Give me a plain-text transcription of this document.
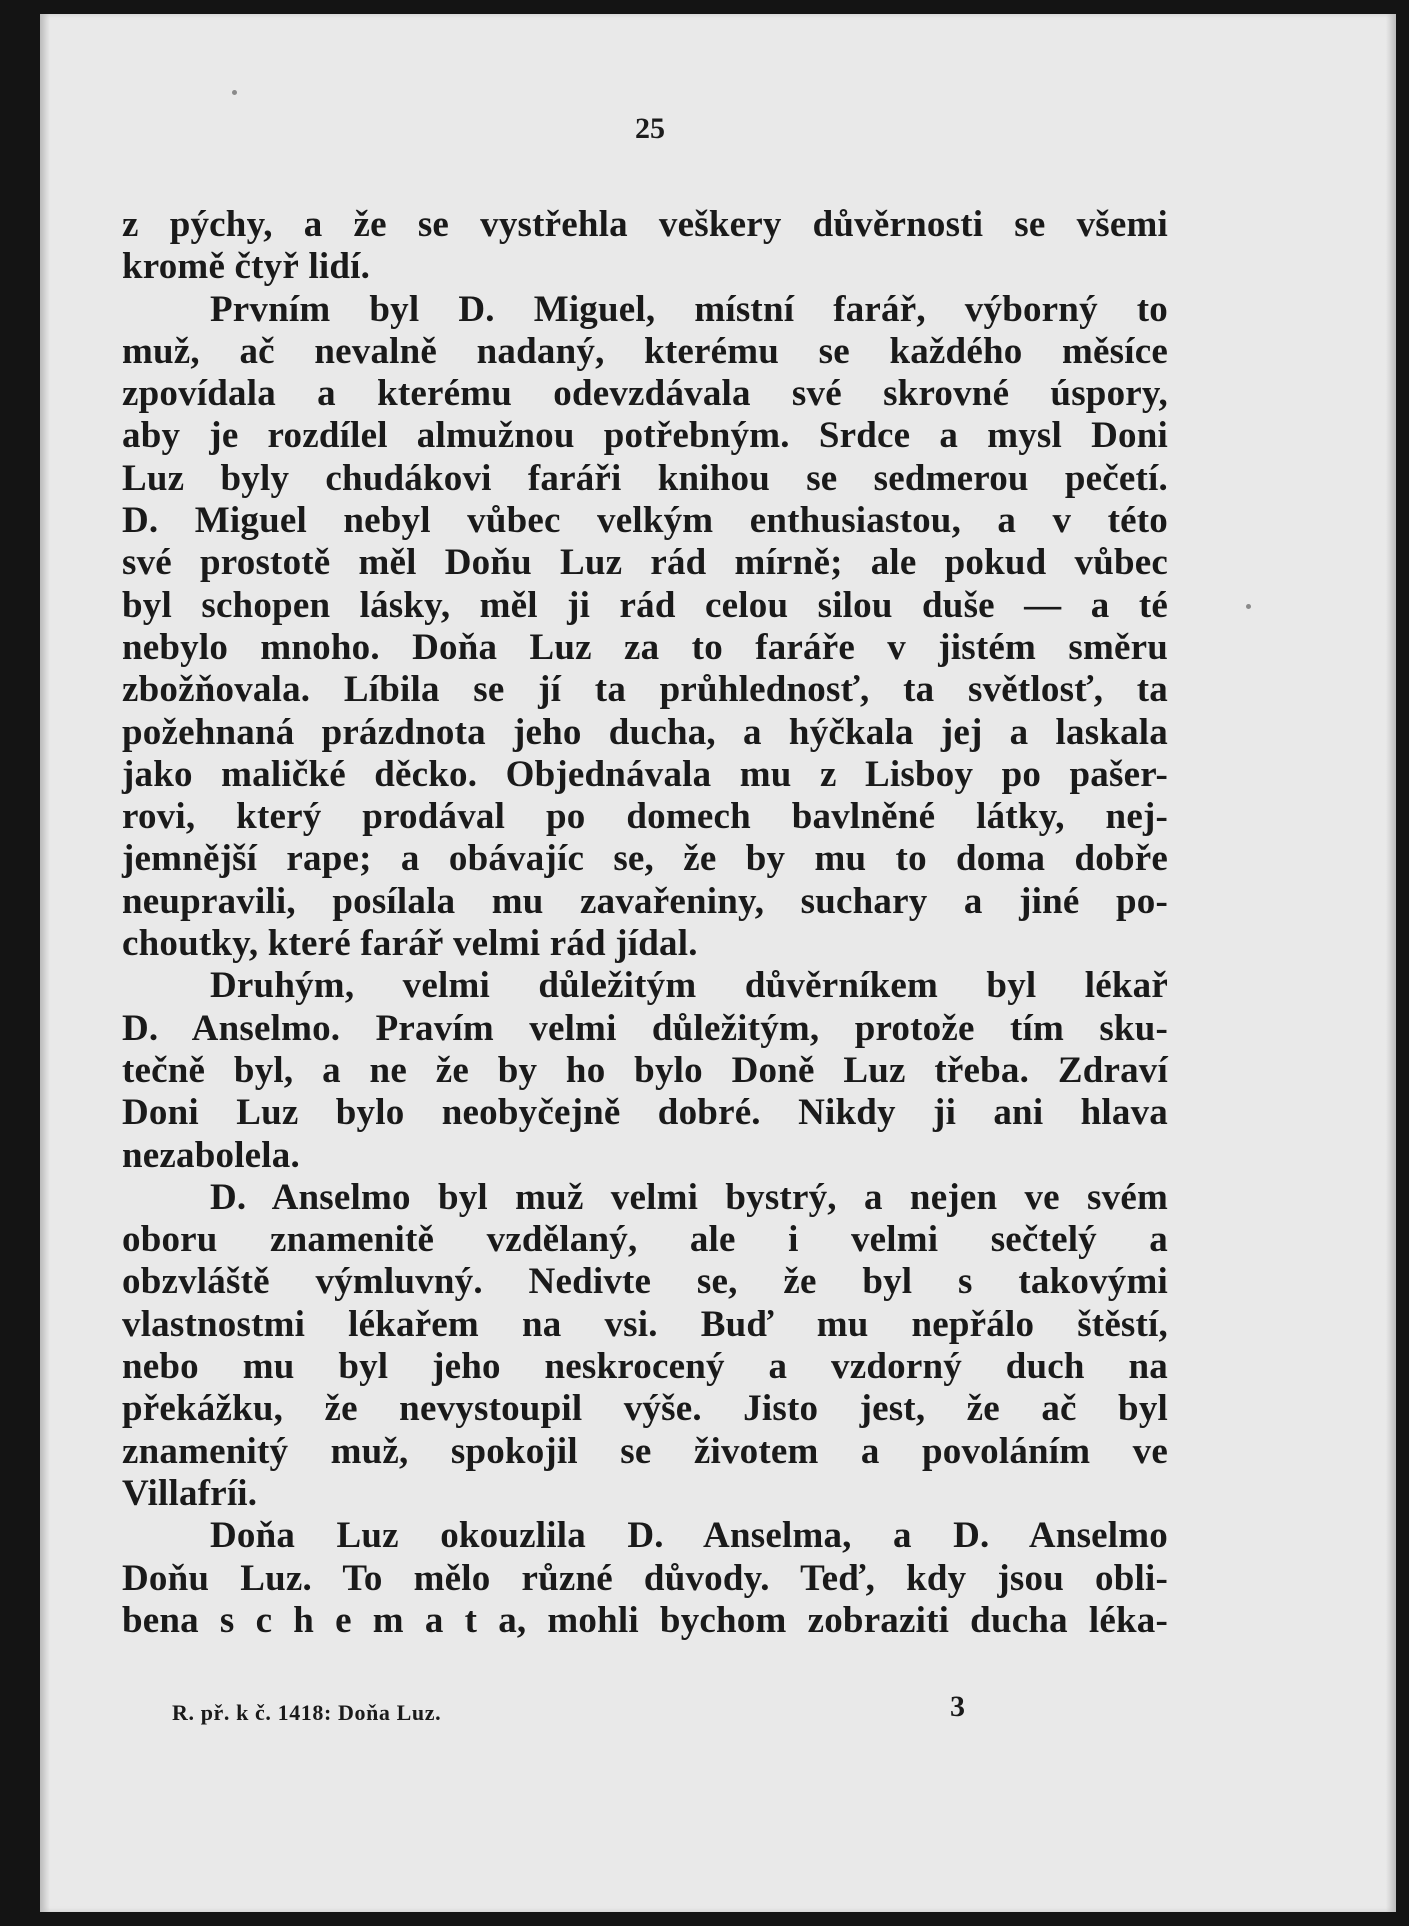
25

z pýchy, a že se vystřehla veškery důvěrnosti se všemi
kromě čtyř lidí.

Prvním byl D. Miguel, místní farář, výborný to
muž, ač nevalně nadaný, kterému se každého měsíce
zpovídala a kterému odevzdávala své skrovné úspory,
aby je rozdílel almužnou potřebným. Srdce a mysl Doni
Luz byly chudákovi faráři knihou se sedmerou pečetí.
D. Miguel nebyl vůbec velkým enthusiastou, a v této
své prostotě měl Doňu Luz rád mírně; ale pokud vůbec
byl schopen lásky, měl ji rád celou silou duše — a té
nebylo mnoho. Doňa Luz za to faráře v jistém směru
zbožňovala. Líbila se jí ta průhlednosť, ta světlosť, ta
požehnaná prázdnota jeho ducha, a hýčkala jej a laskala
jako maličké děcko. Objednávala mu z Lisboy po pašer-
rovi, který prodával po domech bavlněné látky, nej-
jemnější rape; a obávajíc se, že by mu to doma dobře
neupravili, posílala mu zavařeniny, suchary a jiné po-
choutky, které farář velmi rád jídal.

Druhým, velmi důležitým důvěrníkem byl lékař
D. Anselmo. Pravím velmi důležitým, protože tím sku-
tečně byl, a ne že by ho bylo Doně Luz třeba. Zdraví
Doni Luz bylo neobyčejně dobré. Nikdy ji ani hlava
nezabolela.

D. Anselmo byl muž velmi bystrý, a nejen ve svém
oboru znamenitě vzdělaný, ale i velmi sečtelý a
obzvláště výmluvný. Nedivte se, že byl s takovými
vlastnostmi lékařem na vsi. Buď mu nepřálo štěstí,
nebo mu byl jeho neskrocený a vzdorný duch na
překážku, že nevystoupil výše. Jisto jest, že ač byl
znamenitý muž, spokojil se životem a povoláním ve
Villafríi.

Doňa Luz okouzlila D. Anselma, a D. Anselmo
Doňu Luz. To mělo různé důvody. Teď, kdy jsou obli-
bena s c h e m a t a, mohli bychom zobraziti ducha léka-

R. př. k č. 1418: Doňa Luz.	3
